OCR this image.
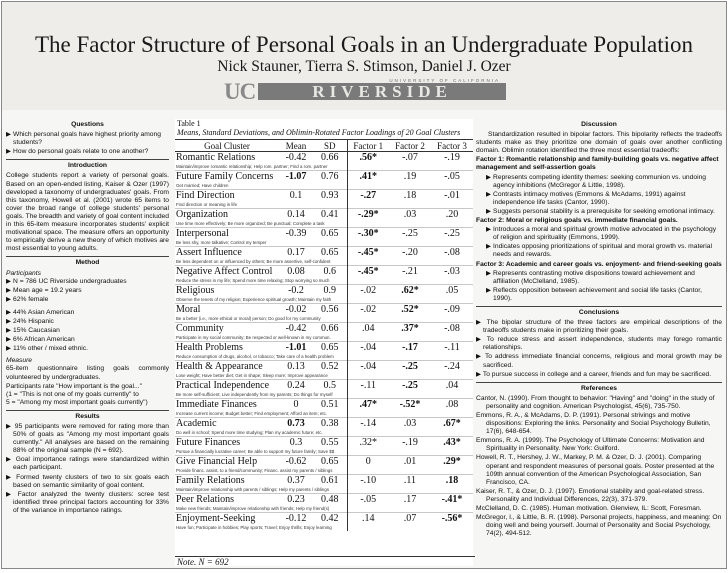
The Factor Structure of Personal Goals in an Undergraduate Population
Nick Stauner, Tierra S. Stimson, Daniel J. Ozer
UC	UNIVERSITY OF CALIFORNIA
RIVERSIDE
Questions
▶ Which personal goals have highest priority among students?
▶ How do personal goals relate to one another?
Introduction
College students report a variety of personal goals. Based on an open-ended listing, Kaiser & Ozer (1997) developed a taxonomy of undergraduates' goals. From this taxonomy, Howell et al. (2001) wrote 65 items to cover the broad range of college students' personal goals. The breadth and variety of goal content included in this 65-item measure incorporates students' explicit motivational space. The measure offers an opportunity to empirically derive a new theory of which motives are most essential to young adults.
Method
Participants
▶ N = 786 UC Riverside undergraduates
▶ Mean age = 19.2 years
▶ 62% female
▶ 44% Asian American
▶ 24% Hispanic
▶ 15% Caucasian
▶ 6% African American
▶ 11% other / mixed ethnic.
Measure
65-item questionnaire listing goals commonly volunteered by undergraduates.
Participants rate "How important is the goal..."
(1 = "This is not one of my goals currently" to
5 = "Among my most important goals currently")
Results
▶ 95 participants were removed for rating more than 50% of goals as "Among my most important goals currently." All analyses are based on the remaining 88% of the original sample (N = 692).
▶ Goal importance ratings were standardized within each participant.
▶ Formed twenty clusters of two to six goals each based on semantic similarity of goal content.
▶ Factor analyzed the twenty clusters: scree test identified three principal factors accounting for 33% of the variance in importance ratings.
Table 1
Means, Standard Deviations, and Oblimin-Rotated Factor Loadings of 20 Goal Clusters
Goal Cluster	Mean	SD	Factor 1	Factor 2	Factor 3
Romantic Relations	-0.42	0.66	.56*	-.07	-.19
Maintain/improve romantic relationship; Help rom. partner; Find a rom. partner					
Future Family Concerns	-1.07	0.76	.41*	.19	-.05
Get married; Have children					
Find Direction	0.1	0.93	-.27	.18	-.01
Find direction or meaning in life					
Organization	0.14	0.41	-.29*	.03	.20
Use time more effectively; Be more organized; Be punctual; Complete a task					
Interpersonal	-0.39	0.65	-.30*	-.25	-.25
Be less shy, more talkative; Control my temper					
Assert Influence	0.17	0.65	-.45*	-.20	-.08
Be less dependent on or influenced by others; Be more assertive, self-confident					
Negative Affect Control	0.08	0.6	-.45*	-.21	-.03
Reduce the stress in my life; Spend more time relaxing; Stop worrying so much					
Religious	-0.2	0.9	-.02	.62*	.05
Observe the tenets of my religion; Experience spiritual growth; Maintain my faith					
Moral	-0.02	0.56	-.02	.52*	-.09
Be a better (i.e., more ethical or moral) person; Do good for my community					
Community	-0.42	0.66	.04	.37*	-.08
Participate in my social community; Be respected or well-known in my commun.					
Health Problems	-1.01	0.65	-.04	-.17	-.11
Reduce consumption of drugs, alcohol, or tobacco; Take care of a health problem					
Health & Appearance	0.13	0.52	-.04	-.25	-.24
Lose weight; Have better diet; Get in shape; Sleep more; Improve appearance					
Practical Independence	0.24	0.5	-.11	-.25	.04
Be more self-sufficient; Live independently from my parents; Do things for myself					
Immediate Finances	0	0.51	.47*	-.52*	.08
Increase current income; Budget better; Find employment; Afford an item; etc.					
Academic	0.73	0.38	-.14	.03	.67*
Do well in school; Spend more time studying; Plan my academic future; etc.					
Future Finances	0.3	0.55	.32*	-.19	.43*
Pursue a financially lucrative career; Be able to support my future family; Save $$					
Give Financial Help	-0.62	0.65	0	.01	.29*
Provide financ. assist. to a friend/community; Financ. assist my parents / siblings					
Family Relations	0.37	0.61	-.10	.11	.18
Maintain/improve relationship with parents / siblings; Help my parents / siblings					
Peer Relations	0.23	0.48	-.05	.17	-.41*
Make new friends; Maintain/improve relationship with friends; Help my friend(s)					
Enjoyment-Seeking	-0.12	0.42	.14	.07	-.56*
Have fun; Participate in hobbies; Play sports; Travel; Enjoy thrills; Enjoy learning					
Note. N = 692
Discussion
Standardization resulted in bipolar factors. This bipolarity reflects the tradeoffs students make as they prioritize one domain of goals over another conflicting domain. Oblimin rotation identified the three most essential tradeoffs:
Factor 1: Romantic relationship and family-building goals vs. negative affect management and self-assertion goals
▶ Represents competing identity themes: seeking communion vs. undoing agency inhibitions (McGregor & Little, 1998).
▶ Contrasts intimacy motives (Emmons & McAdams, 1991) against independence life tasks (Cantor, 1990).
▶ Suggests personal stability is a prerequisite for seeking emotional intimacy.
Factor 2: Moral or religious goals vs. immediate financial goals.
▶ Introduces a moral and spiritual growth motive advocated in the psychology of religion and spirituality (Emmons, 1999).
▶ Indicates opposing prioritizations of spiritual and moral growth vs. material needs and rewards.
Factor 3: Academic and career goals vs. enjoyment- and friend-seeking goals
▶ Represents contrasting motive dispositions toward achievement and affiliation (McClelland, 1985).
▶ Reflects opposition between achievement and social life tasks (Cantor, 1990).
Conclusions
▶ The bipolar structure of the three factors are empirical descriptions of the tradeoffs students make in prioritizing their goals.
▶ To reduce stress and assert independence, students may forego romantic relationships.
▶ To address immediate financial concerns, religious and moral growth may be sacrificed.
▶ To pursue success in college and a career, friends and fun may be sacrificed.
References
Cantor, N. (1990). From thought to behavior: "Having" and "doing" in the study of personality and cognition. American Psychologist, 45(6), 735-750.
Emmons, R. A., & McAdams, D. P. (1991). Personal strivings and motive dispositions: Exploring the links. Personality and Social Psychology Bulletin, 17(6), 648-654.
Emmons, R. A. (1999). The Psychology of Ultimate Concerns: Motivation and Spirituality in Personality. New York: Guilford.
Howell, R. T., Hershey, J. W., Markey, P. M. & Ozer, D. J. (2001). Comparing operant and respondent measures of personal goals. Poster presented at the 109th annual convention of the American Psychological Association, San Francisco, CA.
Kaiser, R. T., & Ozer, D. J. (1997). Emotional stability and goal-related stress. Personality and Individual Differences, 22(3), 371-379.
McClelland, D. C. (1985). Human motivation. Glenview, IL: Scott, Foresman.
McGregor, I., & Little, B. R. (1998). Personal projects, happiness, and meaning: On doing well and being yourself. Journal of Personality and Social Psychology, 74(2), 494-512.
